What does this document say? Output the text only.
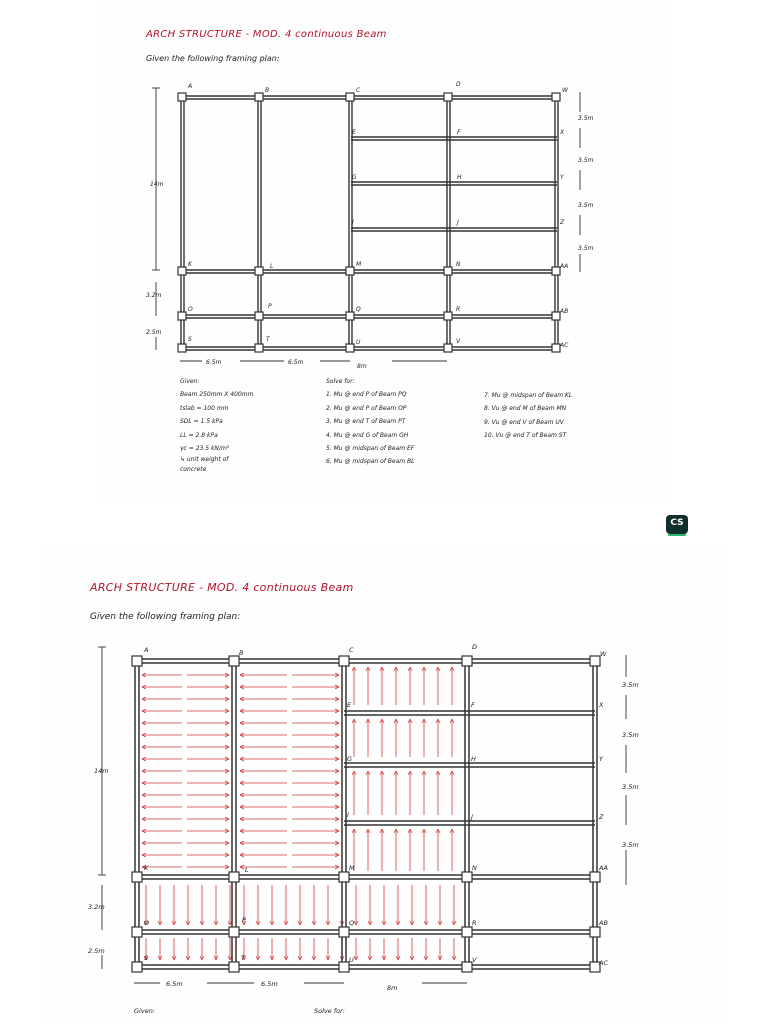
ARCH STRUCTURE - MOD. 4 continuous Beam
Given the following framing plan:
A
B	C
D
W
E	F	X
G	H	Y
I	J	Z
K	L	M	N	AA
O	P	Q	R	AB
S	T	U	V
AC
14m
3.2m
2.5m
3.5m
3.5m
3.5m
3.5m
6.5m	6.5m
8m
Given:
Beam 250mm X 400mm
tslab = 100 mm
SDL = 1.5 kPa
LL = 2.8 kPa
γc = 23.5 kN/m³
↳ unit weight of
concrete
Solve for:
1. Mu @ end P of Beam PQ
2. Mu @ end P of Beam OP
3. Mu @ end T of Beam PT
4. Mu @ end G of Beam GH
5. Mu @ midspan of Beam EF
6. Mu @ midspan of Beam BL
7. Mu @ midspan of Beam KL
8. Vu @ end M of Beam MN
9. Vu @ end V of Beam UV
10. Vu @ end T of Beam ST
CS
ARCH STRUCTURE - MOD. 4 continuous Beam
Given the following framing plan:
A	B	C	D
W
E	F	X
G	H	Y
I	J	Z
K	L	M	N	AA
O	P	Q	R	AB
S	T	U	V	AC
14m
3.2m
2.5m
3.5m
3.5m
3.5m
3.5m
6.5m	6.5m	8m
Given:	Solve for:
